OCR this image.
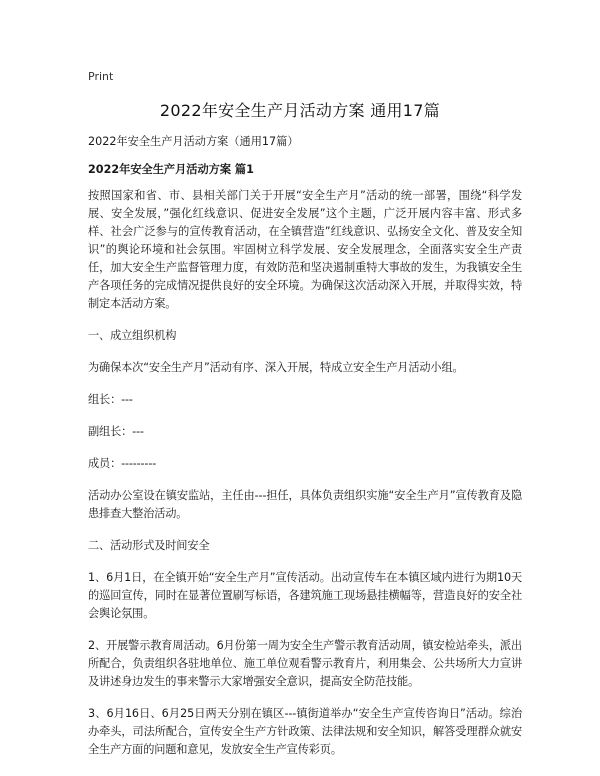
Print
2022年安全生产月活动方案 通用17篇

2022年安全生产月活动方案（通用17篇）

2022年安全生产月活动方案 篇1

按照国家和省、市、县相关部门关于开展“安全生产月”活动的统一部署，围绕“科学发展、安全发展，”强化红线意识、促进安全发展”这个主题，广泛开展内容丰富、形式多样、社会广泛参与的宣传教育活动，在全镇营造”红线意识、弘扬安全文化、普及安全知识”的舆论环境和社会氛围。牢固树立科学发展、安全发展理念，全面落实安全生产责任，加大安全生产监督管理力度，有效防范和坚决遏制重特大事故的发生，为我镇安全生产各项任务的完成情况提供良好的安全环境。为确保这次活动深入开展，并取得实效，特制定本活动方案。

一、成立组织机构

为确保本次“安全生产月”活动有序、深入开展，特成立安全生产月活动小组。

组长：---

副组长：---

成员：---------

活动办公室设在镇安监站，主任由---担任，具体负责组织实施“安全生产月”宣传教育及隐患排查大整治活动。

二、活动形式及时间安全

1、6月1日，在全镇开始“安全生产月”宣传活动。出动宣传车在本镇区域内进行为期10天的巡回宣传，同时在显著位置刷写标语，各建筑施工现场悬挂横幅等，营造良好的安全社会舆论氛围。

2、开展警示教育周活动。6月份第一周为安全生产警示教育活动周，镇安检站牵头，派出所配合，负责组织各驻地单位、施工单位观看警示教育片，利用集会、公共场所大力宣讲及讲述身边发生的事来警示大家增强安全意识，提高安全防范技能。

3、6月16日、6月25日两天分别在镇区---镇街道举办“安全生产宣传咨询日”活动。综治办牵头，司法所配合，宣传安全生产方针政策、法律法规和安全知识，解答受理群众就安全生产方面的问题和意见，发放安全生产宣传彩页。
